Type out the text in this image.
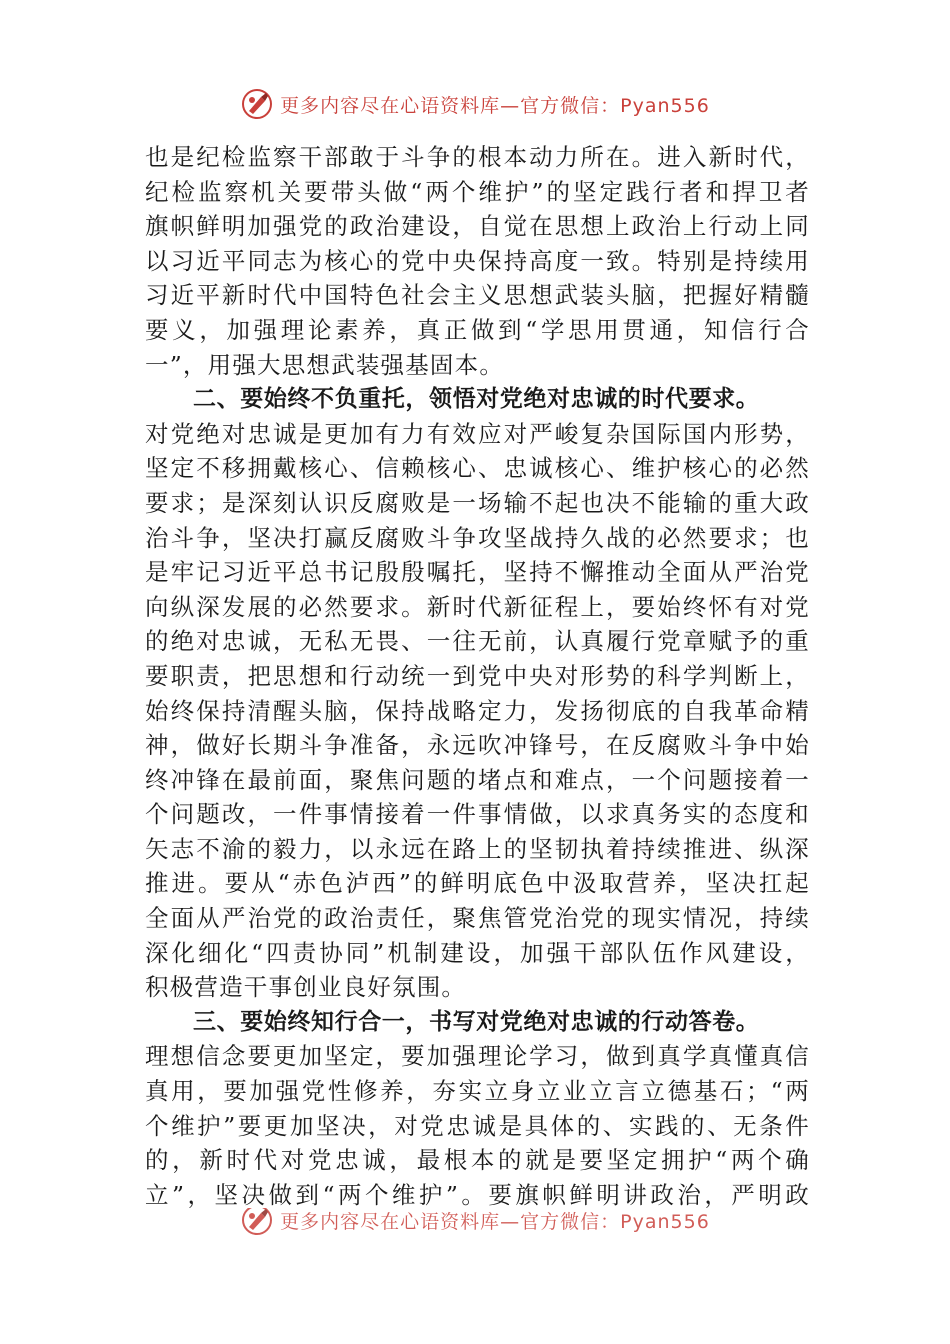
更多内容尽在心语资料库—官方微信：Pyan556
也是纪检监察干部敢于斗争的根本动力所在。进入新时代，
纪检监察机关要带头做“两个维护”的坚定践行者和捍卫者
旗帜鲜明加强党的政治建设，自觉在思想上政治上行动上同
以习近平同志为核心的党中央保持高度一致。特别是持续用
习近平新时代中国特色社会主义思想武装头脑，把握好精髓
要义，加强理论素养，真正做到“学思用贯通，知信行合
一”，用强大思想武装强基固本。
二、要始终不负重托，领悟对党绝对忠诚的时代要求。
对党绝对忠诚是更加有力有效应对严峻复杂国际国内形势，
坚定不移拥戴核心、信赖核心、忠诚核心、维护核心的必然
要求；是深刻认识反腐败是一场输不起也决不能输的重大政
治斗争，坚决打赢反腐败斗争攻坚战持久战的必然要求；也
是牢记习近平总书记殷殷嘱托，坚持不懈推动全面从严治党
向纵深发展的必然要求。新时代新征程上，要始终怀有对党
的绝对忠诚，无私无畏、一往无前，认真履行党章赋予的重
要职责，把思想和行动统一到党中央对形势的科学判断上，
始终保持清醒头脑，保持战略定力，发扬彻底的自我革命精
神，做好长期斗争准备，永远吹冲锋号，在反腐败斗争中始
终冲锋在最前面，聚焦问题的堵点和难点，一个问题接着一
个问题改，一件事情接着一件事情做，以求真务实的态度和
矢志不渝的毅力，以永远在路上的坚韧执着持续推进、纵深
推进。要从“赤色泸西”的鲜明底色中汲取营养，坚决扛起
全面从严治党的政治责任，聚焦管党治党的现实情况，持续
深化细化“四责协同”机制建设，加强干部队伍作风建设，
积极营造干事创业良好氛围。
三、要始终知行合一，书写对党绝对忠诚的行动答卷。
理想信念要更加坚定，要加强理论学习，做到真学真懂真信
真用，要加强党性修养，夯实立身立业立言立德基石；“两
个维护”要更加坚决，对党忠诚是具体的、实践的、无条件
的，新时代对党忠诚，最根本的就是要坚定拥护“两个确
立”，坚决做到“两个维护”。要旗帜鲜明讲政治，严明政
更多内容尽在心语资料库—官方微信：Pyan556
